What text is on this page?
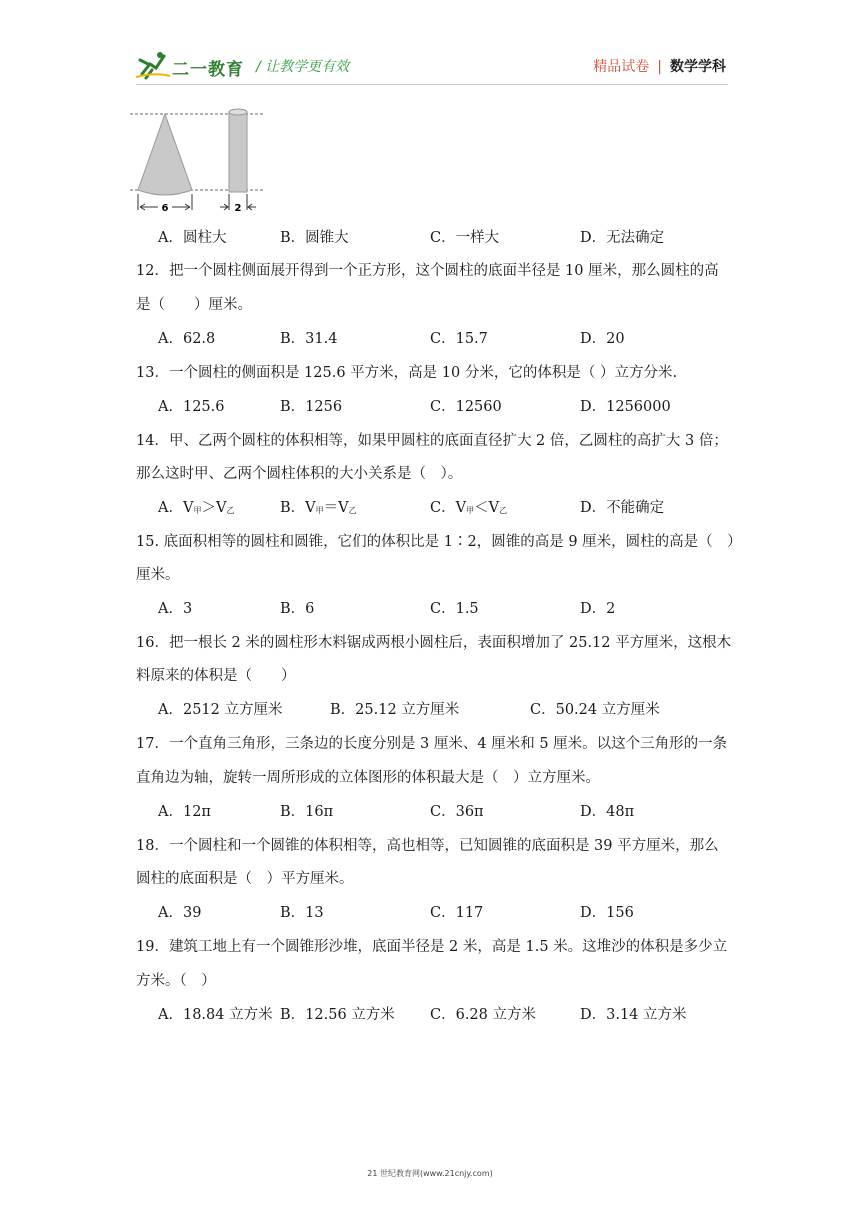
二一教育 / 让教学更有效	精品试卷 | 数学学科
6	2
A．圆柱大	B．圆锥大	C．一样大	D．无法确定
12．把一个圆柱侧面展开得到一个正方形，这个圆柱的底面半径是 10 厘米，那么圆柱的高
是（　　）厘米。
A．62.8	B．31.4	C．15.7	D．20
13．一个圆柱的侧面积是 125.6 平方米，高是 10 分米，它的体积是（ ）立方分米.
A．125.6	B．1256	C．12560	D．1256000
14．甲、乙两个圆柱的体积相等，如果甲圆柱的底面直径扩大 2 倍，乙圆柱的高扩大 3 倍；
那么这时甲、乙两个圆柱体积的大小关系是（　）。
A．V甲＞V乙	B．V甲＝V乙	C．V甲＜V乙	D．不能确定
15. 底面积相等的圆柱和圆锥，它们的体积比是 1∶2，圆锥的高是 9 厘米，圆柱的高是（　）
厘米。
A．3	B．6	C．1.5	D．2
16．把一根长 2 米的圆柱形木料锯成两根小圆柱后，表面积增加了 25.12 平方厘米，这根木
料原来的体积是（　　）
A．2512 立方厘米	B．25.12 立方厘米	C．50.24 立方厘米
17．一个直角三角形，三条边的长度分别是 3 厘米、4 厘米和 5 厘米。以这个三角形的一条
直角边为轴，旋转一周所形成的立体图形的体积最大是（　）立方厘米。
A．12π	B．16π	C．36π	D．48π
18．一个圆柱和一个圆锥的体积相等，高也相等，已知圆锥的底面积是 39 平方厘米，那么
圆柱的底面积是（　）平方厘米。
A．39	B．13	C．117	D．156
19．建筑工地上有一个圆锥形沙堆，底面半径是 2 米，高是 1.5 米。这堆沙的体积是多少立
方米。（　）
A．18.84 立方米 B．12.56 立方米 C．6.28 立方米	D．3.14 立方米
21 世纪教育网(www.21cnjy.com)
